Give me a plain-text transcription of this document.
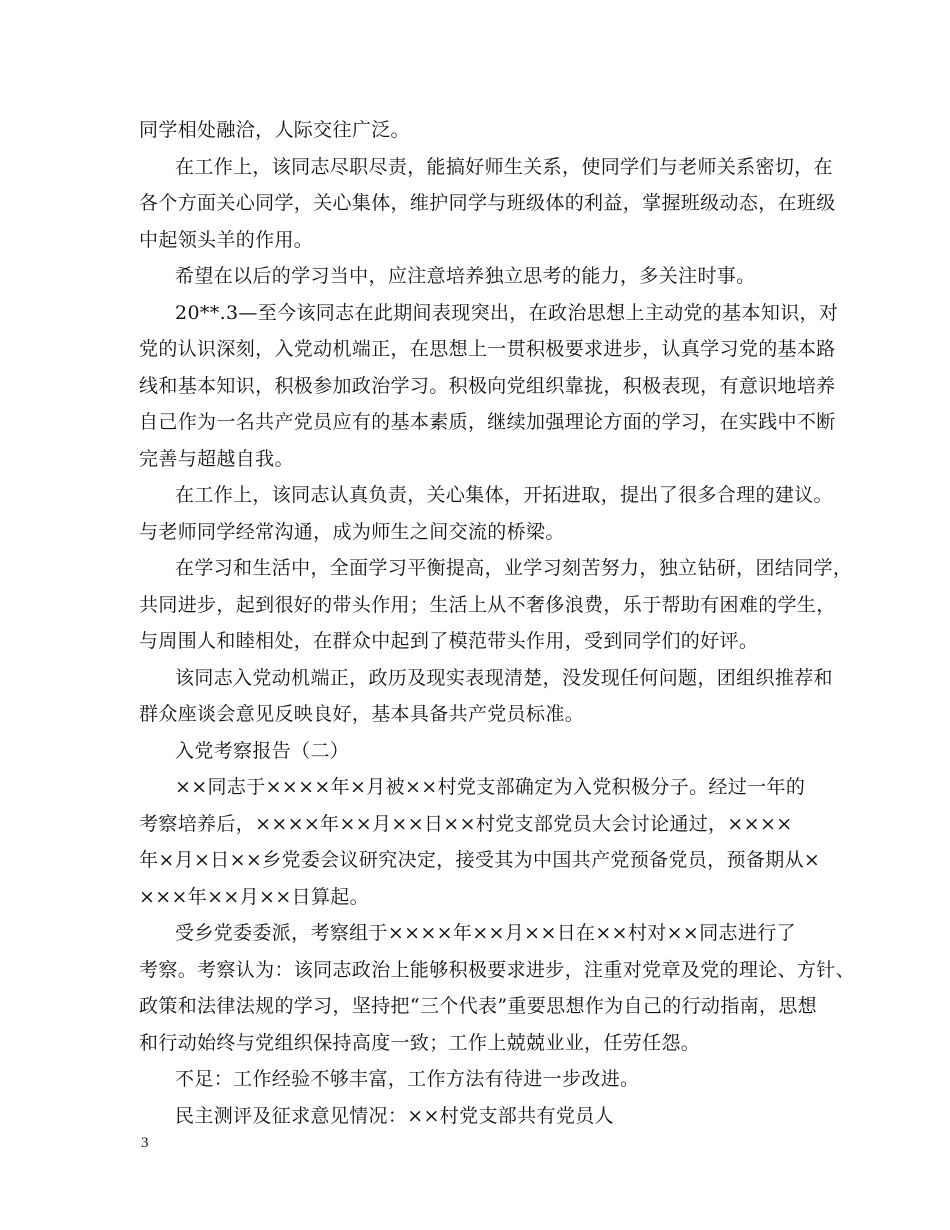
同学相处融洽，人际交往广泛。
在工作上，该同志尽职尽责，能搞好师生关系，使同学们与老师关系密切，在
各个方面关心同学，关心集体，维护同学与班级体的利益，掌握班级动态，在班级
中起领头羊的作用。
希望在以后的学习当中，应注意培养独立思考的能力，多关注时事。
20**.3—至今该同志在此期间表现突出，在政治思想上主动党的基本知识，对
党的认识深刻，入党动机端正，在思想上一贯积极要求进步，认真学习党的基本路
线和基本知识，积极参加政治学习。积极向党组织靠拢，积极表现，有意识地培养
自己作为一名共产党员应有的基本素质，继续加强理论方面的学习，在实践中不断
完善与超越自我。
在工作上，该同志认真负责，关心集体，开拓进取，提出了很多合理的建议。
与老师同学经常沟通，成为师生之间交流的桥梁。
在学习和生活中，全面学习平衡提高，业学习刻苦努力，独立钻研，团结同学，
共同进步，起到很好的带头作用；生活上从不奢侈浪费，乐于帮助有困难的学生，
与周围人和睦相处，在群众中起到了模范带头作用，受到同学们的好评。
该同志入党动机端正，政历及现实表现清楚，没发现任何问题，团组织推荐和
群众座谈会意见反映良好，基本具备共产党员标准。
入党考察报告（二）
××同志于××××年×月被××村党支部确定为入党积极分子。经过一年的
考察培养后，××××年××月××日××村党支部党员大会讨论通过，××××
年×月×日××乡党委会议研究决定，接受其为中国共产党预备党员，预备期从×
×××年××月××日算起。
受乡党委委派，考察组于××××年××月××日在××村对××同志进行了
考察。考察认为：该同志政治上能够积极要求进步，注重对党章及党的理论、方针、
政策和法律法规的学习，坚持把“三个代表”重要思想作为自己的行动指南，思想
和行动始终与党组织保持高度一致；工作上兢兢业业，任劳任怨。
不足：工作经验不够丰富，工作方法有待进一步改进。
民主测评及征求意见情况：××村党支部共有党员人
3
